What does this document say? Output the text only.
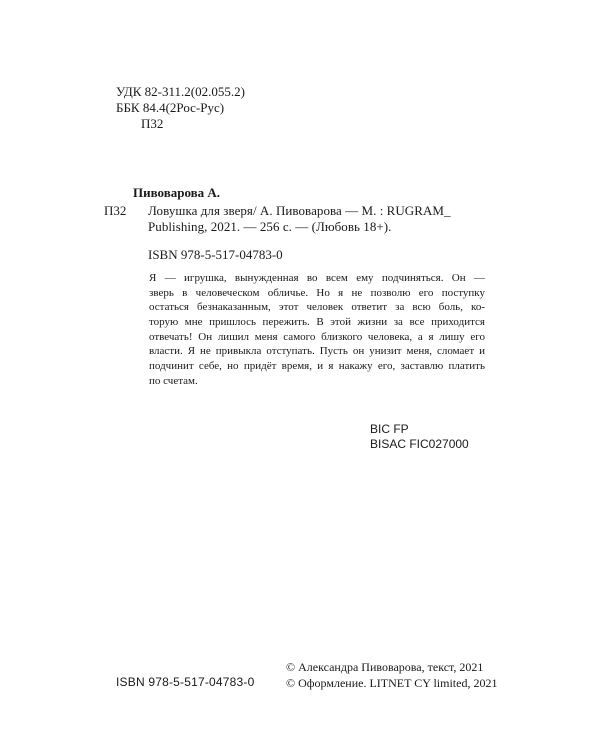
УДК 82-311.2(02.055.2)
ББК 84.4(2Рос-Рус)
П32
Пивоварова А.
П32 Ловушка для зверя/ А. Пивоварова — М. : RUGRAM_
Publishing, 2021. — 256 с. — (Любовь 18+).
ISBN 978-5-517-04783-0
Я — игрушка, вынужденная во всем ему подчиняться. Он —
зверь в человеческом обличье. Но я не позволю его поступку
остаться безнаказанным, этот человек ответит за всю боль, ко-
торую мне пришлось пережить. В этой жизни за все приходится
отвечать! Он лишил меня самого близкого человека, а я лишу его
власти. Я не привыкла отступать. Пусть он унизит меня, сломает и
подчинит себе, но придёт время, и я накажу его, заставлю платить
по счетам.
BIC FP
BISAC FIC027000
ISBN 978-5-517-04783-0
© Александра Пивоварова, текст, 2021
© Оформление. LITNET CY limited, 2021
